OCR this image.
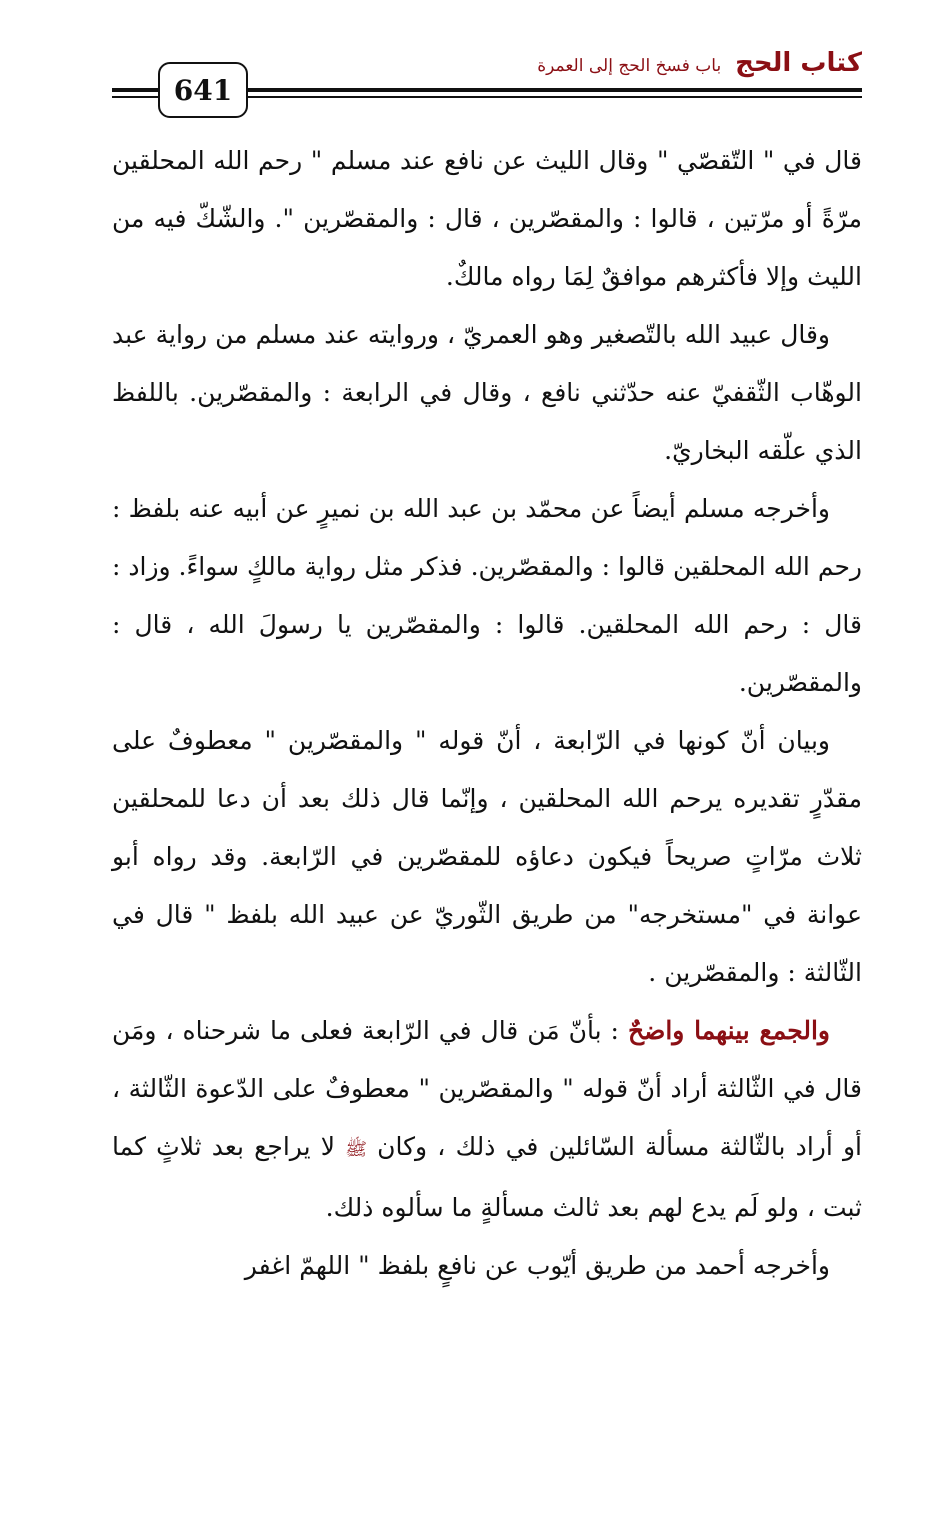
كتاب الحج
باب فسخ الحج إلى العمرة
641

قال في " التّقصّي " وقال الليث عن نافع عند مسلم " رحم الله المحلقين مرّةً أو مرّتين ، قالوا : والمقصّرين ، قال : والمقصّرين ". والشّكّ فيه من الليث وإلا فأكثرهم موافقٌ لِمَا رواه مالكٌ.

وقال عبيد الله بالتّصغير وهو العمريّ ، وروايته عند مسلم من رواية عبد الوهّاب الثّقفيّ عنه حدّثني نافع ، وقال في الرابعة : والمقصّرين. باللفظ الذي علّقه البخاريّ.

وأخرجه مسلم أيضاً عن محمّد بن عبد الله بن نميرٍ عن أبيه عنه بلفظ : رحم الله المحلقين قالوا : والمقصّرين. فذكر مثل رواية مالكٍ سواءً. وزاد : قال : رحم الله المحلقين. قالوا : والمقصّرين يا رسولَ الله ، قال : والمقصّرين.

وبيان أنّ كونها في الرّابعة ، أنّ قوله " والمقصّرين " معطوفٌ على مقدّرٍ تقديره يرحم الله المحلقين ، وإنّما قال ذلك بعد أن دعا للمحلقين ثلاث مرّاتٍ صريحاً فيكون دعاؤه للمقصّرين في الرّابعة. وقد رواه أبو عوانة في "مستخرجه" من طريق الثّوريّ عن عبيد الله بلفظ " قال في الثّالثة : والمقصّرين .

والجمع بينهما واضحٌ : بأنّ مَن قال في الرّابعة فعلى ما شرحناه ، ومَن قال في الثّالثة أراد أنّ قوله " والمقصّرين " معطوفٌ على الدّعوة الثّالثة ، أو أراد بالثّالثة مسألة السّائلين في ذلك ، وكان ﷺ لا يراجع بعد ثلاثٍ كما ثبت ، ولو لَم يدع لهم بعد ثالث مسألةٍ ما سألوه ذلك.

وأخرجه أحمد من طريق أيّوب عن نافعٍ بلفظ " اللهمّ اغفر
